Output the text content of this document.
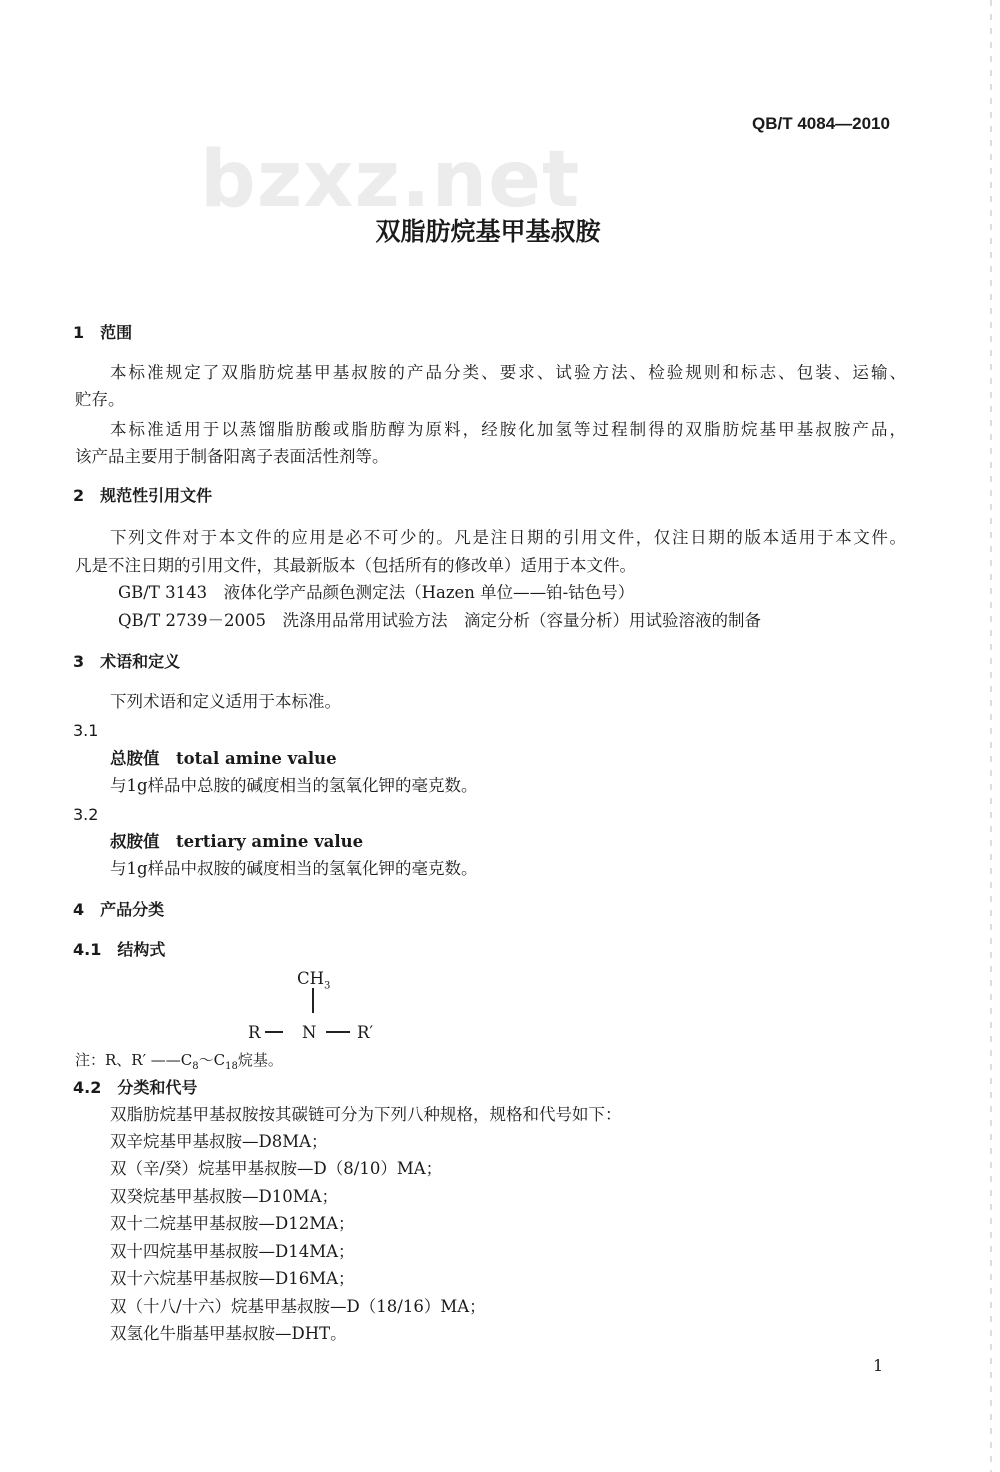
bzxz.net
QB/T 4084—2010
双脂肪烷基甲基叔胺
1　范围
本标准规定了双脂肪烷基甲基叔胺的产品分类、要求、试验方法、检验规则和标志、包装、运输、
贮存。
本标准适用于以蒸馏脂肪酸或脂肪醇为原料，经胺化加氢等过程制得的双脂肪烷基甲基叔胺产品，
该产品主要用于制备阳离子表面活性剂等。
2　规范性引用文件
下列文件对于本文件的应用是必不可少的。凡是注日期的引用文件，仅注日期的版本适用于本文件。
凡是不注日期的引用文件，其最新版本（包括所有的修改单）适用于本文件。
GB/T 3143　液体化学产品颜色测定法（Hazen 单位——铂-钴色号）
QB/T 2739－2005　洗涤用品常用试验方法　滴定分析（容量分析）用试验溶液的制备
3　术语和定义
下列术语和定义适用于本标准。
3.1
总胺值　total amine value
与1g样品中总胺的碱度相当的氢氧化钾的毫克数。
3.2
叔胺值　tertiary amine value
与1g样品中叔胺的碱度相当的氢氧化钾的毫克数。
4　产品分类
4.1　结构式
$CH_3$
R	N R′
注：R、R′ $——C_8\sim C_{18}$烷基。
4.2　分类和代号
双脂肪烷基甲基叔胺按其碳链可分为下列八种规格，规格和代号如下：
双辛烷基甲基叔胺—D8MA；
双（辛/癸）烷基甲基叔胺—D（8/10）MA；
双癸烷基甲基叔胺—D10MA；
双十二烷基甲基叔胺—D12MA；
双十四烷基甲基叔胺—D14MA；
双十六烷基甲基叔胺—D16MA；
双（十八/十六）烷基甲基叔胺—D（18/16）MA；
双氢化牛脂基甲基叔胺—DHT。
1
